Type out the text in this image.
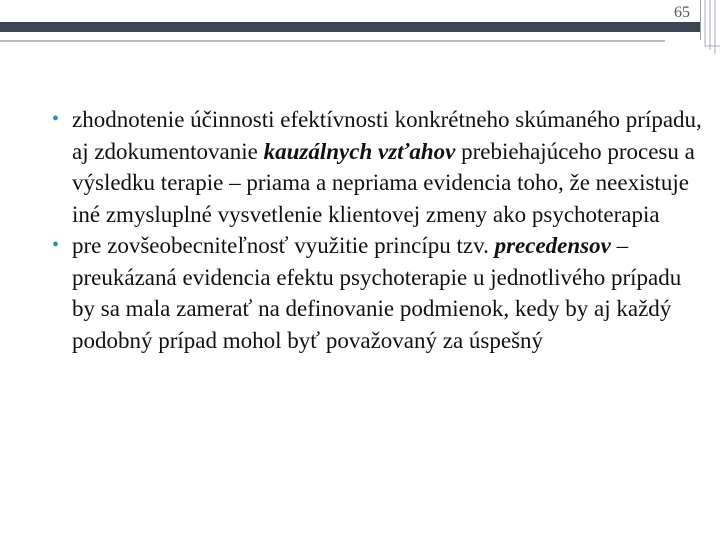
65
• zhodnotenie účinnosti efektívnosti konkrétneho skúmaného prípadu, aj zdokumentovanie kauzálnych vzťahov prebiehajúceho procesu a výsledku terapie – priama a nepriama evidencia toho, že neexistuje iné zmysluplné vysvetlenie klientovej zmeny ako psychoterapia
• pre zovšeobecniteľnosť využitie princípu tzv. precedensov – preukázaná evidencia efektu psychoterapie u jednotlivého prípadu by sa mala zamerať na definovanie podmienok, kedy by aj každý podobný prípad mohol byť považovaný za úspešný
